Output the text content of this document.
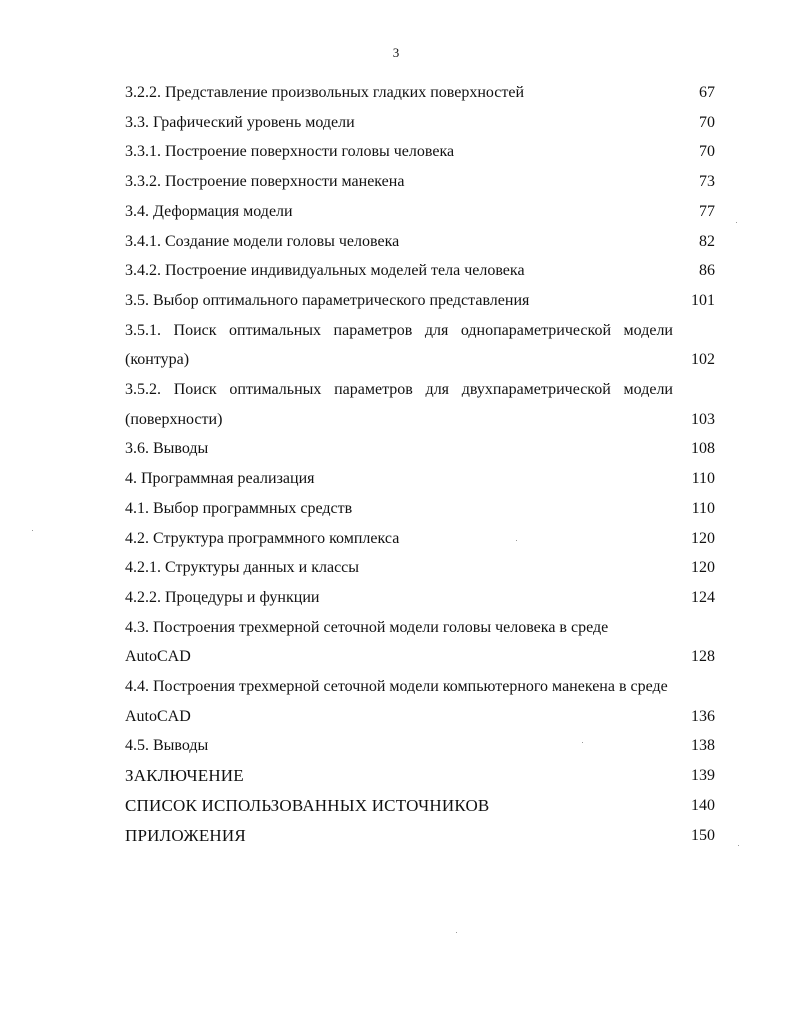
3
3.2.2. Представление произвольных гладких поверхностей	67
3.3. Графический уровень модели	70
3.3.1. Построение поверхности головы человека	70
3.3.2. Построение поверхности манекена	73
3.4. Деформация модели	77
3.4.1. Создание модели головы человека	82
3.4.2. Построение индивидуальных моделей тела человека	86
3.5. Выбор оптимального параметрического представления	101
3.5.1. Поиск оптимальных параметров для однопараметрической модели (контура)	102
3.5.2. Поиск оптимальных параметров для двухпараметрической модели (поверхности)	103
3.6. Выводы	108
4. Программная реализация	110
4.1. Выбор программных средств	110
4.2. Структура программного комплекса	120
4.2.1. Структуры данных и классы	120
4.2.2. Процедуры и функции	124
4.3. Построения трехмерной сеточной модели головы человека в среде AutoCAD	128
4.4. Построения трехмерной сеточной модели компьютерного манекена в среде AutoCAD	136
4.5. Выводы	138
ЗАКЛЮЧЕНИЕ	139
СПИСОК ИСПОЛЬЗОВАННЫХ ИСТОЧНИКОВ	140
ПРИЛОЖЕНИЯ	150
